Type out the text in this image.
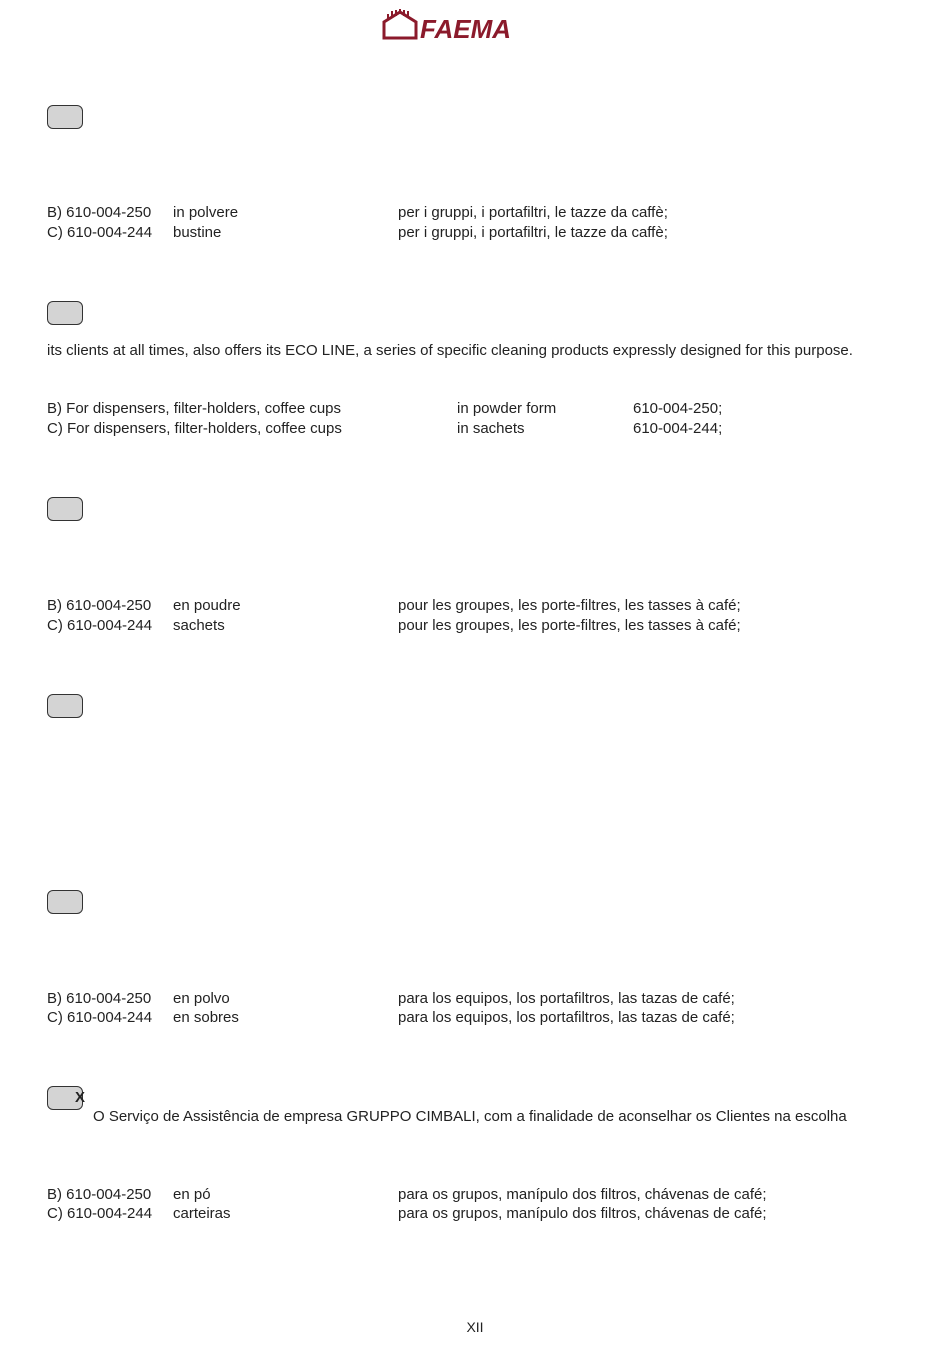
FAEMA
B) 610-004-250 in polvere	per i gruppi, i portafiltri, le tazze da caffè;
C) 610-004-244 bustine	per i gruppi, i portafiltri, le tazze da caffè;
its clients at all times, also offers its ECO LINE, a series of specific cleaning products expressly designed for this purpose.
B) For dispensers, filter-holders, coffee cups	in powder form	610-004-250;
C) For dispensers, filter-holders, coffee cups	in sachets	610-004-244;
B) 610-004-250 en poudre	pour les groupes, les porte-filtres, les tasses à café;
C) 610-004-244 sachets	pour les groupes, les porte-filtres, les tasses à café;
B) 610-004-250 en polvo	para los equipos, los portafiltros, las tazas de café;
C) 610-004-244 en sobres	para los equipos, los portafiltros, las tazas de café;
X
O Serviço de Assistência de empresa GRUPPO CIMBALI, com a finalidade de aconselhar os Clientes na escolha
B) 610-004-250 en pó	para os grupos, manípulo dos filtros, chávenas de café;
C) 610-004-244 carteiras	para os grupos, manípulo dos filtros, chávenas de café;
XII
